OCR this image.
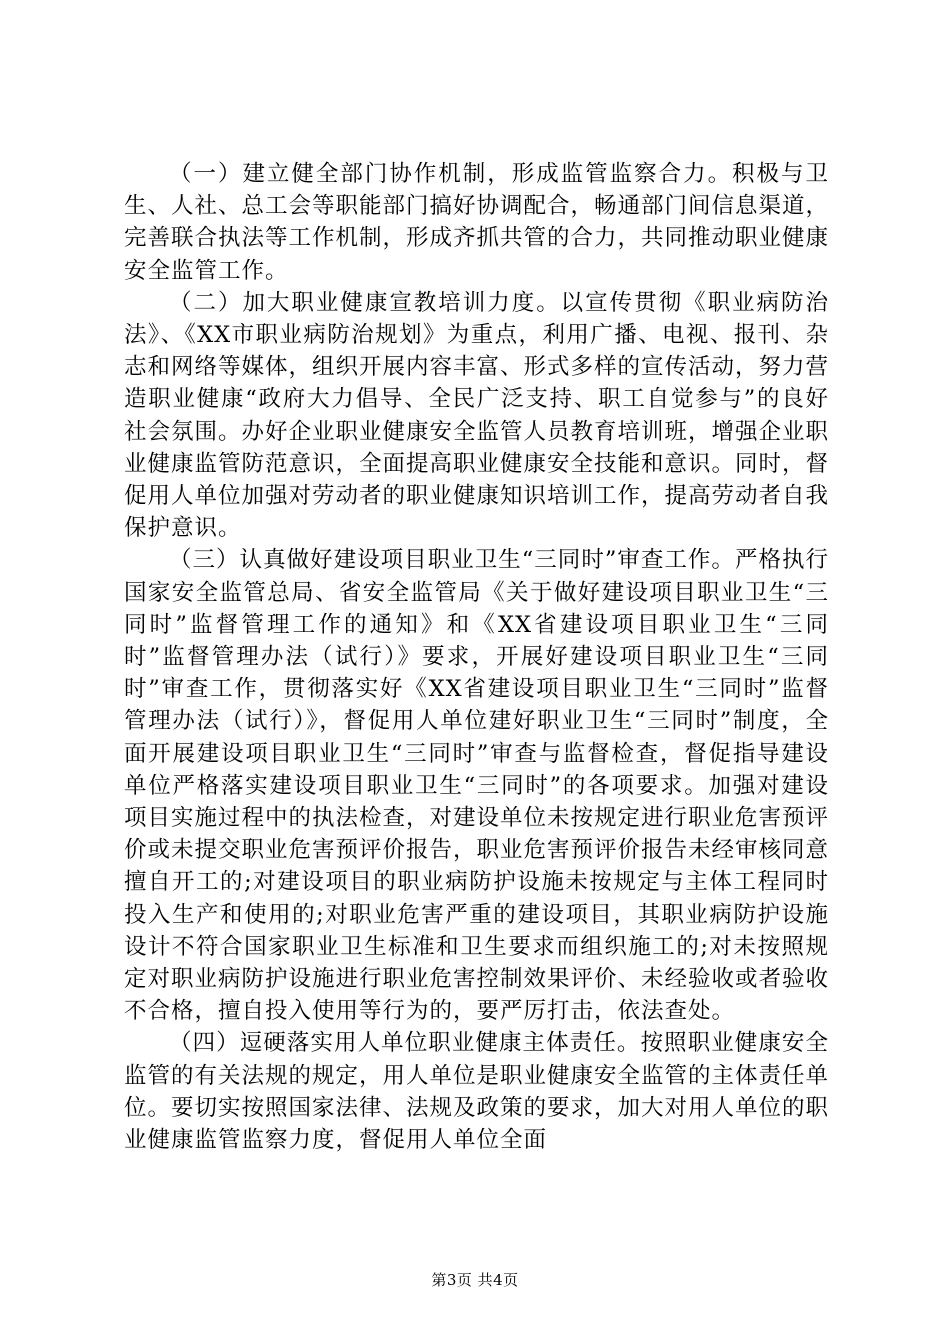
（一）建立健全部门协作机制，形成监管监察合力。积极与卫生、人社、总工会等职能部门搞好协调配合，畅通部门间信息渠道，完善联合执法等工作机制，形成齐抓共管的合力，共同推动职业健康安全监管工作。

（二）加大职业健康宣教培训力度。以宣传贯彻《职业病防治法》、《XX市职业病防治规划》为重点，利用广播、电视、报刊、杂志和网络等媒体，组织开展内容丰富、形式多样的宣传活动，努力营造职业健康“政府大力倡导、全民广泛支持、职工自觉参与”的良好社会氛围。办好企业职业健康安全监管人员教育培训班，增强企业职业健康监管防范意识，全面提高职业健康安全技能和意识。同时，督促用人单位加强对劳动者的职业健康知识培训工作，提高劳动者自我保护意识。

（三）认真做好建设项目职业卫生“三同时”审查工作。严格执行国家安全监管总局、省安全监管局《关于做好建设项目职业卫生“三同时”监督管理工作的通知》和《XX省建设项目职业卫生“三同时”监督管理办法（试行）》要求，开展好建设项目职业卫生“三同时”审查工作，贯彻落实好《XX省建设项目职业卫生“三同时”监督管理办法（试行）》，督促用人单位建好职业卫生“三同时”制度，全面开展建设项目职业卫生“三同时”审查与监督检查，督促指导建设单位严格落实建设项目职业卫生“三同时”的各项要求。加强对建设项目实施过程中的执法检查，对建设单位未按规定进行职业危害预评价或未提交职业危害预评价报告，职业危害预评价报告未经审核同意擅自开工的;对建设项目的职业病防护设施未按规定与主体工程同时投入生产和使用的;对职业危害严重的建设项目，其职业病防护设施设计不符合国家职业卫生标准和卫生要求而组织施工的;对未按照规定对职业病防护设施进行职业危害控制效果评价、未经验收或者验收不合格，擅自投入使用等行为的，要严厉打击，依法查处。

（四）逗硬落实用人单位职业健康主体责任。按照职业健康安全监管的有关法规的规定，用人单位是职业健康安全监管的主体责任单位。要切实按照国家法律、法规及政策的要求，加大对用人单位的职业健康监管监察力度，督促用人单位全面

第3页 共4页
